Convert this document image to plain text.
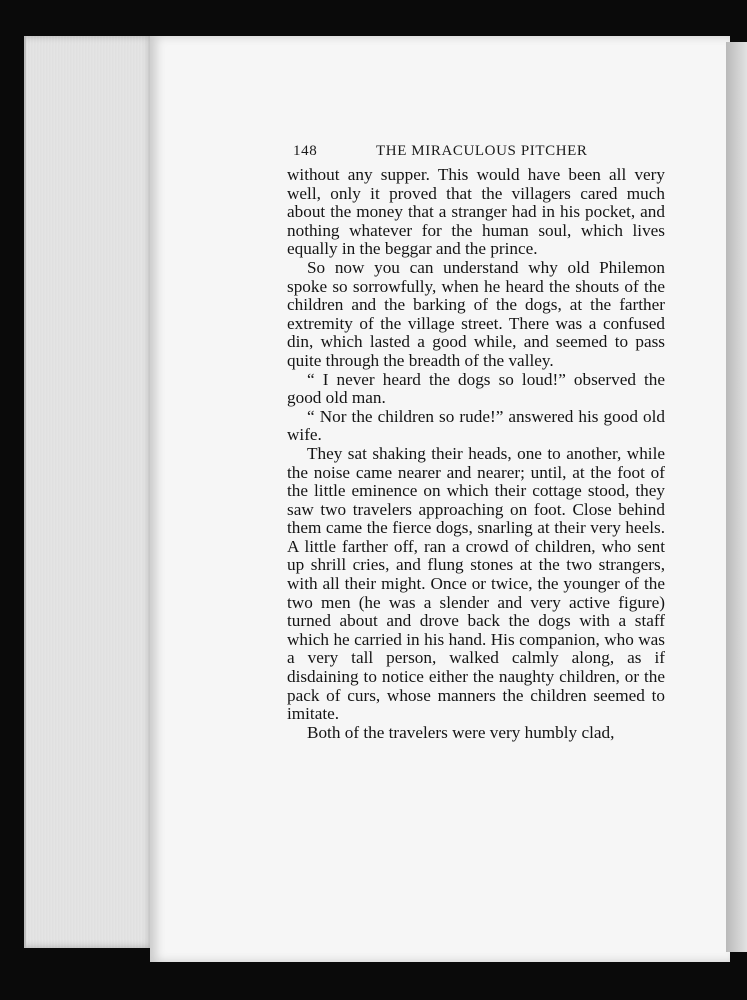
148	THE MIRACULOUS PITCHER

without any supper. This would have been all very well, only it proved that the villagers cared much about the money that a stranger had in his pocket, and nothing whatever for the human soul, which lives equally in the beggar and the prince.

So now you can understand why old Philemon spoke so sorrowfully, when he heard the shouts of the children and the barking of the dogs, at the farther extremity of the village street. There was a confused din, which lasted a good while, and seemed to pass quite through the breadth of the valley.

“ I never heard the dogs so loud!” observed the good old man.

“ Nor the children so rude!” answered his good old wife.

They sat shaking their heads, one to another, while the noise came nearer and nearer; until, at the foot of the little eminence on which their cottage stood, they saw two travelers approaching on foot. Close behind them came the fierce dogs, snarling at their very heels. A little farther off, ran a crowd of children, who sent up shrill cries, and flung stones at the two strangers, with all their might. Once or twice, the younger of the two men (he was a slender and very active figure) turned about and drove back the dogs with a staff which he carried in his hand. His companion, who was a very tall person, walked calmly along, as if disdaining to notice either the naughty children, or the pack of curs, whose manners the children seemed to imitate.

Both of the travelers were very humbly clad,
